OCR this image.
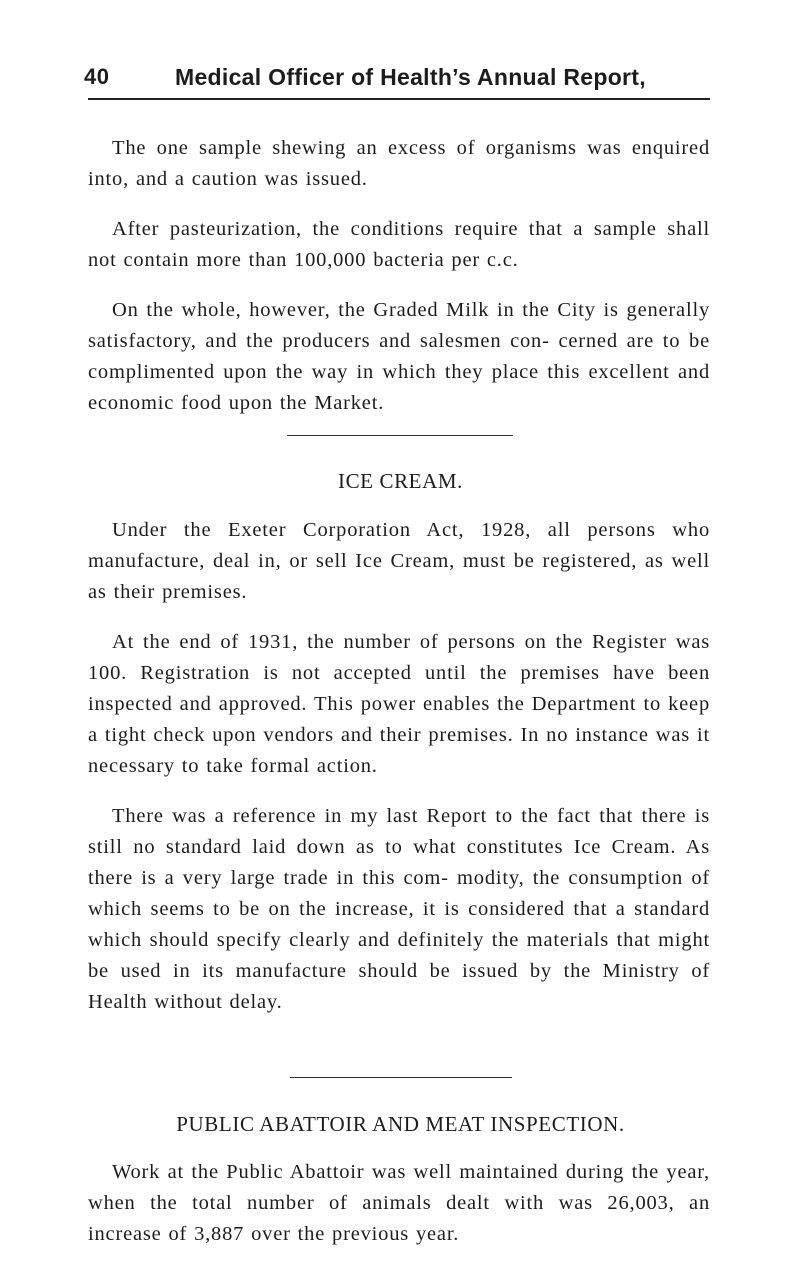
40	Medical Officer of Health’s Annual Report,

The one sample shewing an excess of organisms was enquired into, and a caution was issued.

After pasteurization, the conditions require that a sample shall not contain more than 100,000 bacteria per c.c.

On the whole, however, the Graded Milk in the City is generally satisfactory, and the producers and salesmen con- cerned are to be complimented upon the way in which they place this excellent and economic food upon the Market.

ICE CREAM.

Under the Exeter Corporation Act, 1928, all persons who manufacture, deal in, or sell Ice Cream, must be registered, as well as their premises.

At the end of 1931, the number of persons on the Register was 100. Registration is not accepted until the premises have been inspected and approved. This power enables the Department to keep a tight check upon vendors and their premises. In no instance was it necessary to take formal action.

There was a reference in my last Report to the fact that there is still no standard laid down as to what constitutes Ice Cream. As there is a very large trade in this com- modity, the consumption of which seems to be on the increase, it is considered that a standard which should specify clearly and definitely the materials that might be used in its manufacture should be issued by the Ministry of Health without delay.

PUBLIC ABATTOIR AND MEAT INSPECTION.

Work at the Public Abattoir was well maintained during the year, when the total number of animals dealt with was 26,003, an increase of 3,887 over the previous year.
